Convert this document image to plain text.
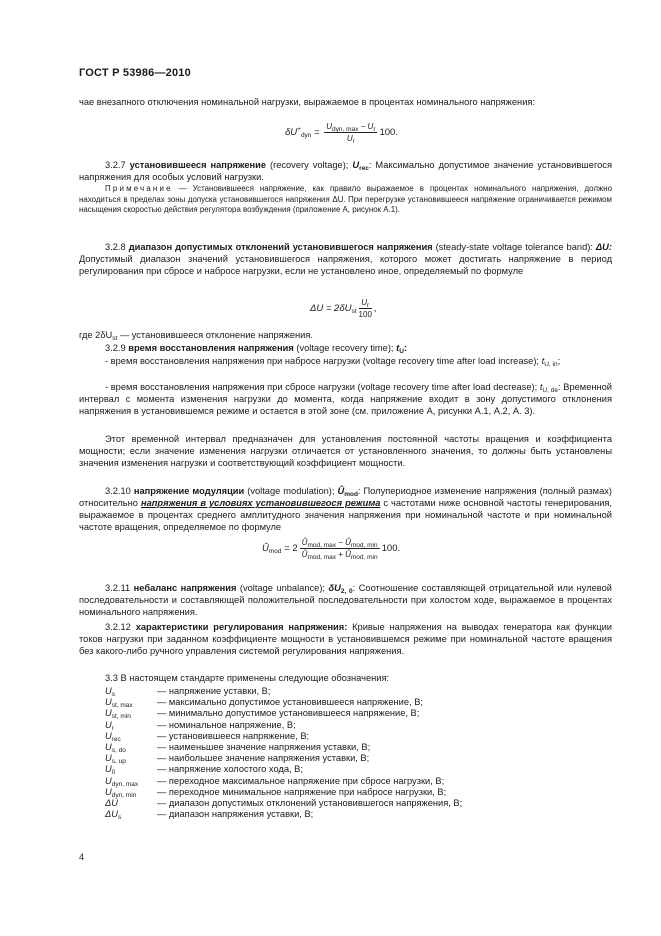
ГОСТ Р 53986—2010
чае внезапного отключения номинальной нагрузки, выражаемое в процентах номинального напряжения:
$\delta U^+_{dyn} = \frac{U_{dyn, max} - U_r}{U_r} 100$.
3.2.7 установившееся напряжение (recovery voltage); $U_{rec}$: Максимально допустимое значение установившегося напряжения для особых условий нагрузки.
Примечание — Установившееся напряжение, как правило выражаемое в процентах номинального напряжения, должно находиться в пределах зоны допуска установившегося напряжения ΔU. При перегрузке установившееся напряжение ограничивается режимом насыщения скоростью действия регулятора возбуждения (приложение А, рисунок А.1).
3.2.8 диапазон допустимых отклонений установившегося напряжения (steady-state voltage tolerance band): ΔU: Допустимый диапазон значений установившегося напряжения, которого может достигать напряжение в период регулирования при сбросе и набросе нагрузки, если не установлено иное, определяемый по формуле
$\Delta U = 2\delta U_{st} \frac{U_r}{100}$ ,
где $2\delta U_{st}$ — установившееся отклонение напряжения.
3.2.9 время восстановления напряжения (voltage recovery time); $t_U$:
- время восстановления напряжения при набросе нагрузки (voltage recovery time after load increase); $t_{U, in}$;
- время восстановления напряжения при сбросе нагрузки (voltage recovery time after load decrease); $t_{U, de}$: Временной интервал с момента изменения нагрузки до момента, когда напряжение входит в зону допустимого отклонения напряжения в установившемся режиме и остается в этой зоне (см. приложение А, рисунки А.1, А.2, А. 3).
Этот временной интервал предназначен для установления постоянной частоты вращения и коэффициента мощности; если значение изменения нагрузки отличается от установленного значения, то должны быть установлены значения изменения нагрузки и соответствующий коэффициент мощности.
3.2.10 напряжение модуляции (voltage modulation); $Û_{mod}$: Полупериодное изменение напряжения (полный размах) относительно напряжения в условиях установившегося режима с частотами ниже основной частоты генерирования, выражаемое в процентах среднего амплитудного значения напряжения при номинальной частоте и при номинальной частоте вращения, определяемое по формуле
$Û_{mod} = 2 \frac{Û_{mod, max} - Û_{mod, min}}{Û_{mod, max} + Û_{mod, min}} 100$.
3.2.11 небаланс напряжения (voltage unbalance); $\delta U_{2, 0}$: Соотношение составляющей отрицательной или нулевой последовательности и составляющей положительной последовательности при холостом ходе, выражаемое в процентах номинального напряжения.
3.2.12 характеристики регулирования напряжения: Кривые напряжения на выводах генератора как функции токов нагрузки при заданном коэффициенте мощности в установившемся режиме при номинальной частоте вращения без какого-либо ручного управления системой регулирования напряжения.
3.3 В настоящем стандарте применены следующие обозначения:
$U_s$	— напряжение уставки, В;
$U_{st, max}$	— максимально допустимое установившееся напряжение, В;
$U_{st, min}$	— минимально допустимое установившееся напряжение, В;
$U_r$	— номинальное напряжение, В;
$U_{rec}$	— установившееся напряжение, В;
$U_{s, do}$	— наименьшее значение напряжения уставки, В;
$U_{s, up}$	— наибольшее значение напряжения уставки, В;
$U_0$	— напряжение холостого хода, В;
$U_{dyn, max}$	— переходное максимальное напряжение при сбросе нагрузки, В;
$U_{dyn, min}$	— переходное минимальное напряжение при набросе нагрузки, В;
ΔU	— диапазон допустимых отклонений установившегося напряжения, В;
$\Delta U_s$	— диапазон напряжения уставки, В;
4
